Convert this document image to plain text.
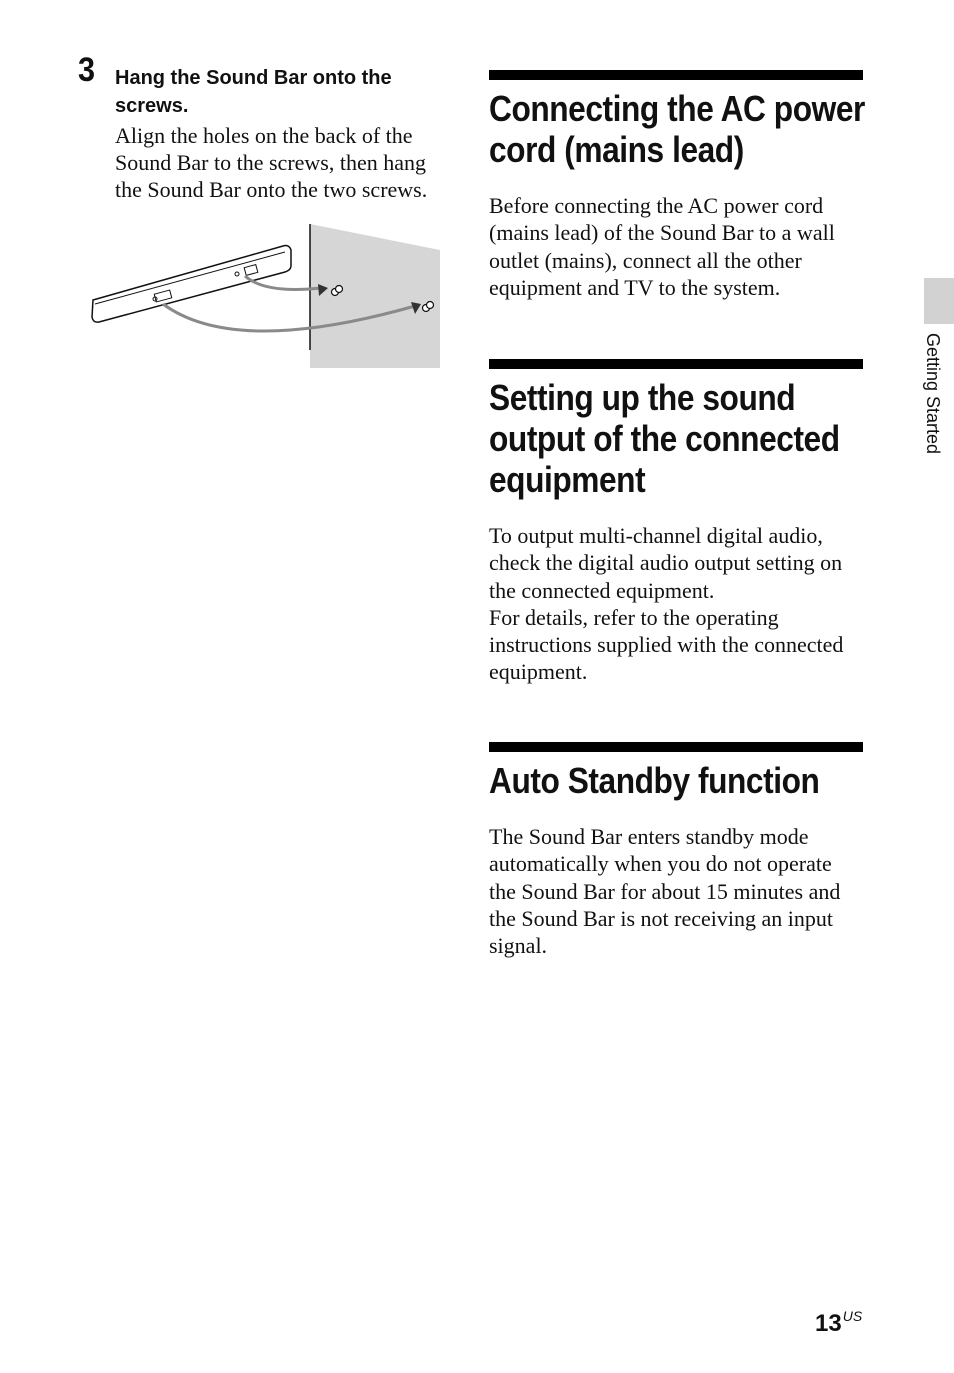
3 Hang the Sound Bar onto the screws.
Align the holes on the back of the Sound Bar to the screws, then hang the Sound Bar onto the two screws.
Connecting the AC power cord (mains lead)

Before connecting the AC power cord (mains lead) of the Sound Bar to a wall outlet (mains), connect all the other equipment and TV to the system.

Setting up the sound output of the connected equipment

To output multi-channel digital audio, check the digital audio output setting on the connected equipment.

For details, refer to the operating instructions supplied with the connected equipment.

Auto Standby function

The Sound Bar enters standby mode automatically when you do not operate the Sound Bar for about 15 minutes and the Sound Bar is not receiving an input signal.

Getting Started
$13^{US}$
